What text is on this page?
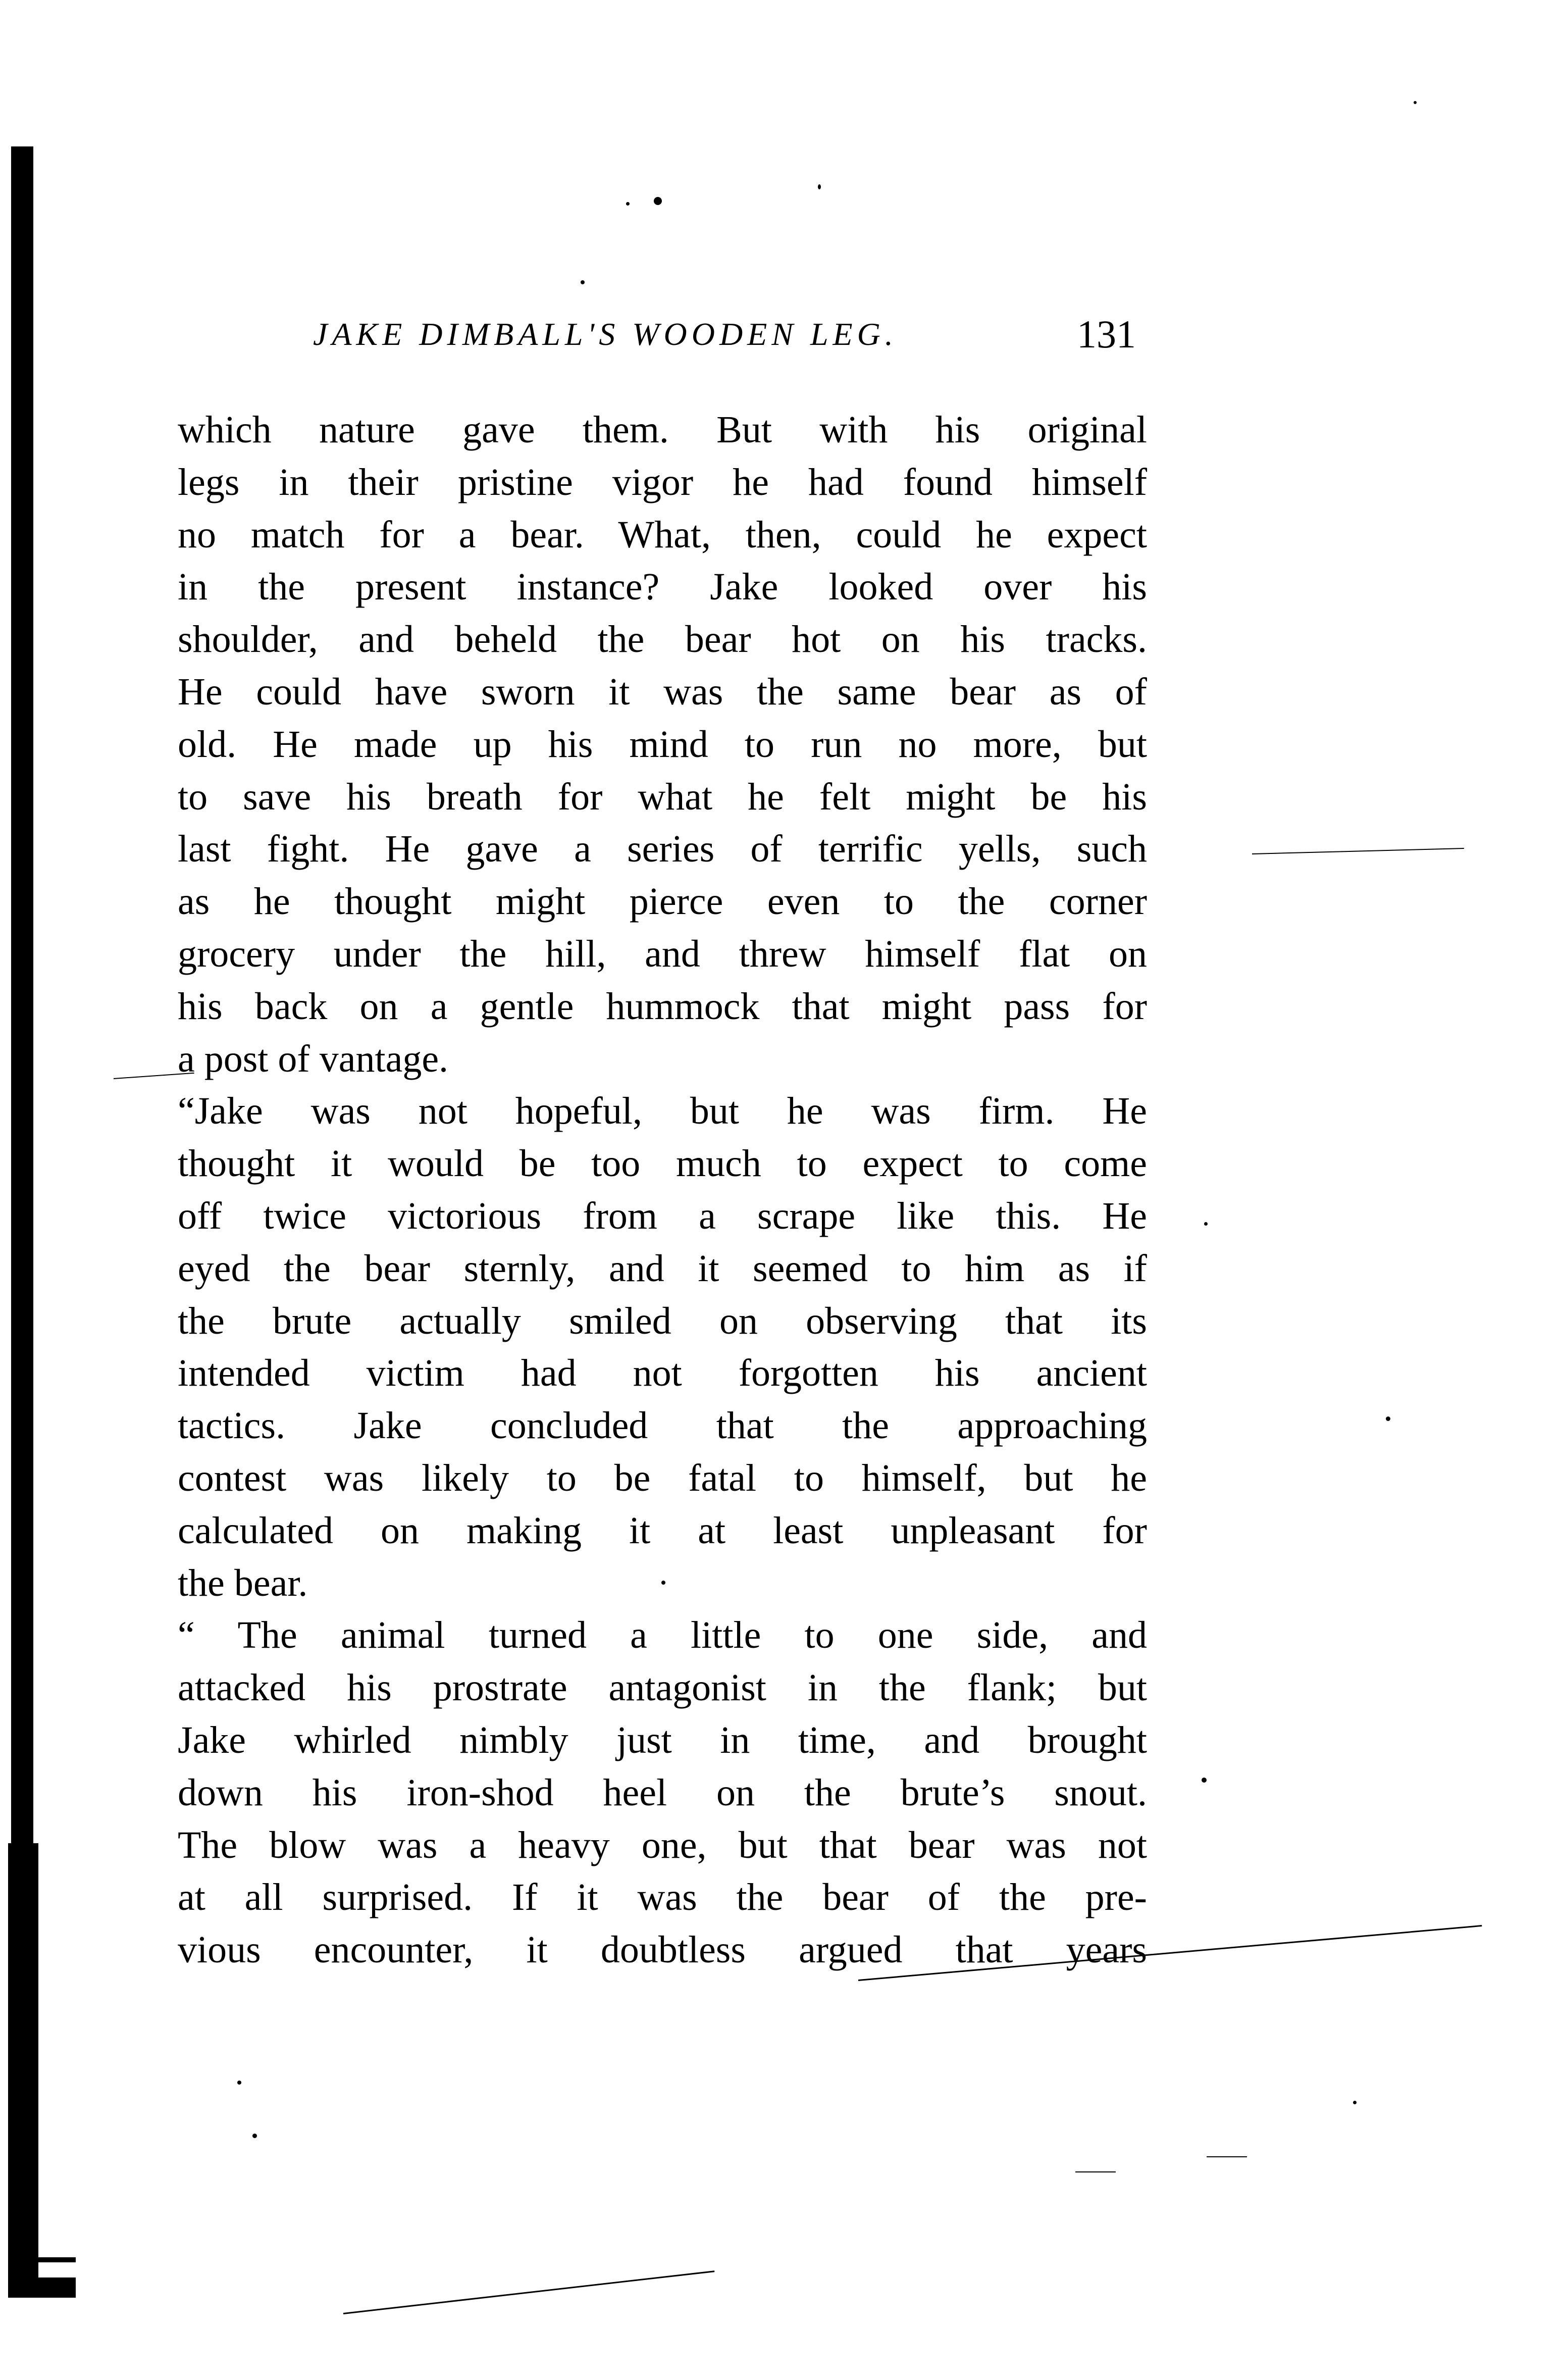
JAKE DIMBALL'S WOODEN LEG.	131
which nature gave them. But with his original
legs in their pristine vigor he had found himself
no match for a bear. What, then, could he expect
in the present instance? Jake looked over his
shoulder, and beheld the bear hot on his tracks.
He could have sworn it was the same bear as of
old. He made up his mind to run no more, but
to save his breath for what he felt might be his
last fight. He gave a series of terrific yells, such
as he thought might pierce even to the corner
grocery under the hill, and threw himself flat on
his back on a gentle hummock that might pass for
a post of vantage.
“Jake was not hopeful, but he was firm. He
thought it would be too much to expect to come
off twice victorious from a scrape like this. He
eyed the bear sternly, and it seemed to him as if
the brute actually smiled on observing that its
intended victim had not forgotten his ancient
tactics. Jake concluded that the approaching
contest was likely to be fatal to himself, but he
calculated on making it at least unpleasant for
the bear.
“ The animal turned a little to one side, and
attacked his prostrate antagonist in the flank; but
Jake whirled nimbly just in time, and brought
down his iron-shod heel on the brute’s snout.
The blow was a heavy one, but that bear was not
at all surprised. If it was the bear of the pre-
vious encounter, it doubtless argued that years
